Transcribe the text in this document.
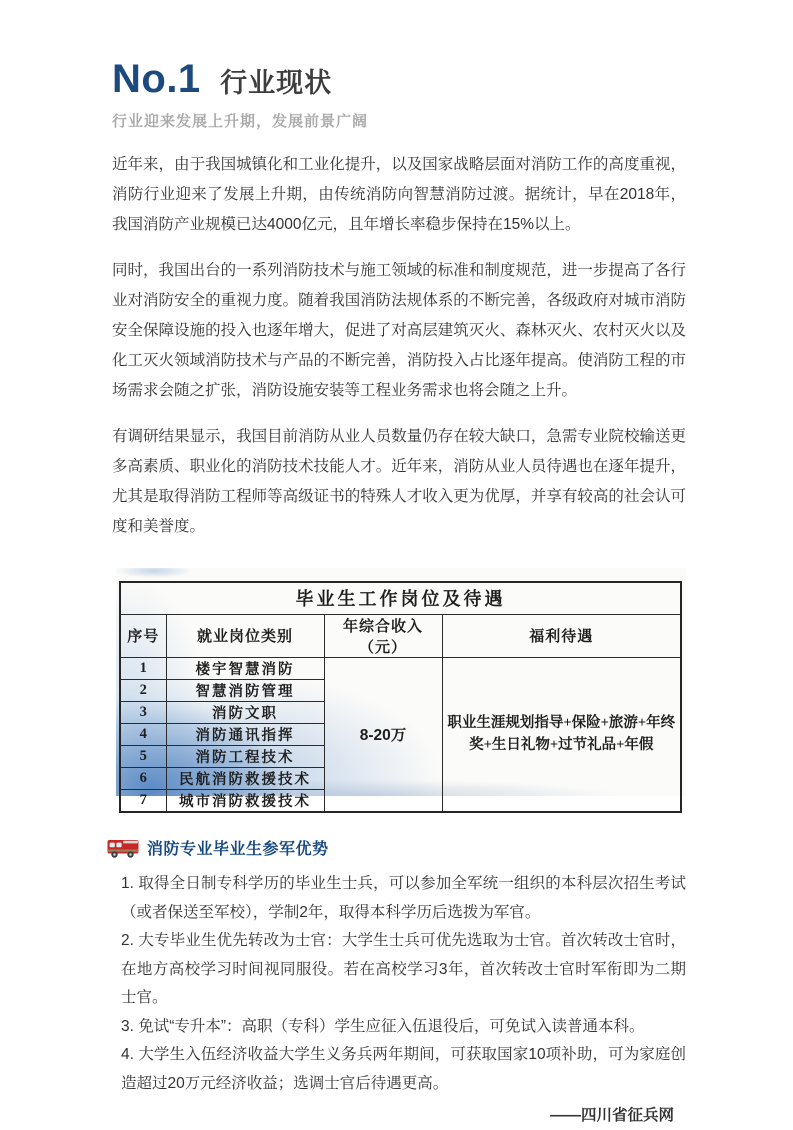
No.1 行业现状
行业迎来发展上升期，发展前景广阔

近年来，由于我国城镇化和工业化提升，以及国家战略层面对消防工作的高度重视，消防行业迎来了发展上升期，由传统消防向智慧消防过渡。据统计，早在2018年，我国消防产业规模已达4000亿元，且年增长率稳步保持在15%以上。

同时，我国出台的一系列消防技术与施工领域的标准和制度规范，进一步提高了各行业对消防安全的重视力度。随着我国消防法规体系的不断完善，各级政府对城市消防安全保障设施的投入也逐年增大，促进了对高层建筑灭火、森林灭火、农村灭火以及化工灭火领域消防技术与产品的不断完善，消防投入占比逐年提高。使消防工程的市场需求会随之扩张，消防设施安装等工程业务需求也将会随之上升。

有调研结果显示，我国目前消防从业人员数量仍存在较大缺口，急需专业院校输送更多高素质、职业化的消防技术技能人才。近年来，消防从业人员待遇也在逐年提升，尤其是取得消防工程师等高级证书的特殊人才收入更为优厚，并享有较高的社会认可度和美誉度。

毕业生工作岗位及待遇			
序号	就业岗位类别	年综合收入（元）	福利待遇
1	楼宇智慧消防	8-20万	职业生涯规划指导+保险+旅游+年终奖+生日礼物+过节礼品+年假
2	智慧消防管理		
3	消防文职		
4	消防通讯指挥		
5	消防工程技术		
6	民航消防救援技术		
7	城市消防救援技术		
消防专业毕业生参军优势

1. 取得全日制专科学历的毕业生士兵，可以参加全军统一组织的本科层次招生考试（或者保送至军校），学制2年，取得本科学历后选拨为军官。

2. 大专毕业生优先转改为士官：大学生士兵可优先选取为士官。首次转改士官时，在地方高校学习时间视同服役。若在高校学习3年，首次转改士官时军衔即为二期士官。

3. 免试“专升本”：高职（专科）学生应征入伍退役后，可免试入读普通本科。

4. 大学生入伍经济收益大学生义务兵两年期间，可获取国家10项补助，可为家庭创造超过20万元经济收益；选调士官后待遇更高。

——四川省征兵网
